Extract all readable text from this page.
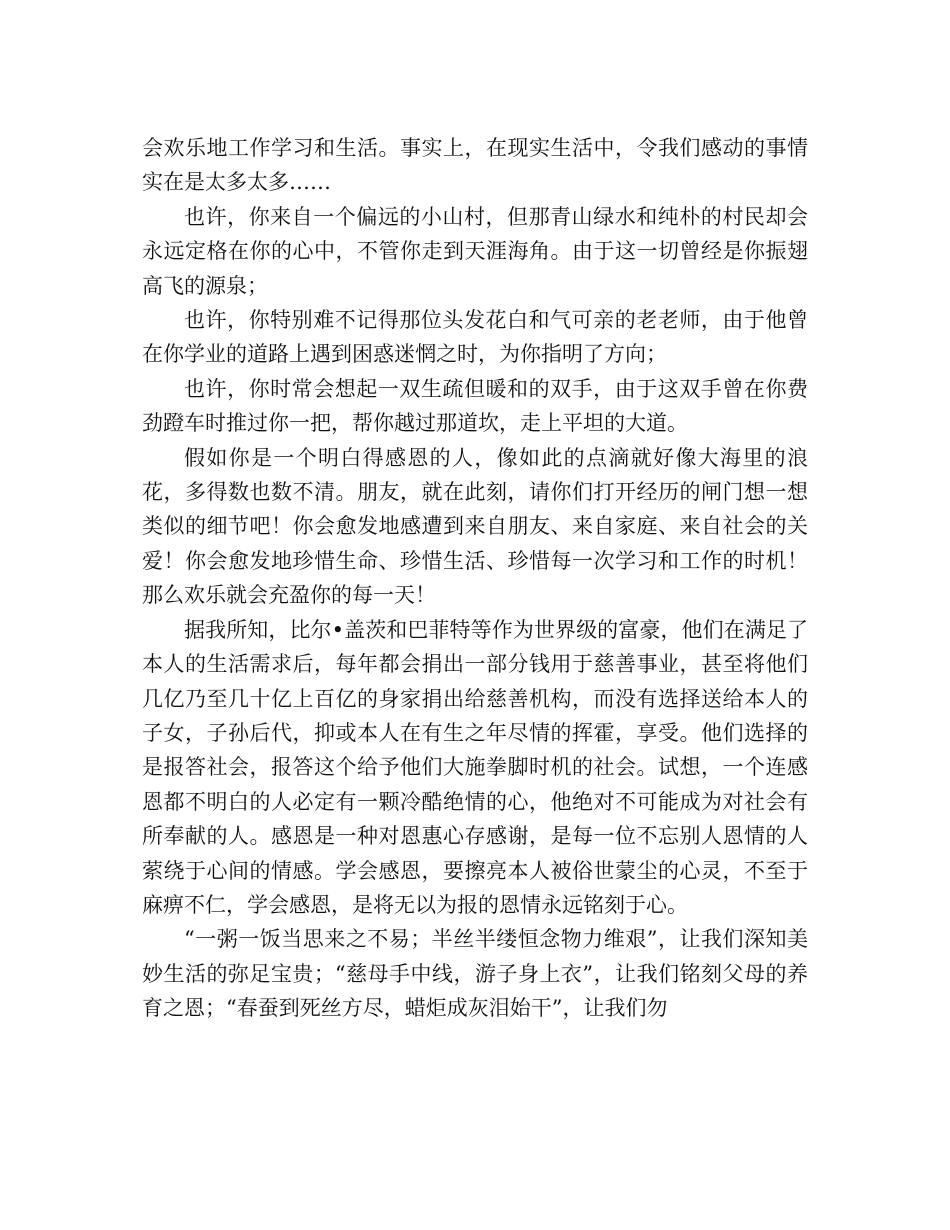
会欢乐地工作学习和生活。事实上，在现实生活中，令我们感动的事情实在是太多太多……

也许，你来自一个偏远的小山村，但那青山绿水和纯朴的村民却会永远定格在你的心中，不管你走到天涯海角。由于这一切曾经是你振翅高飞的源泉；

也许，你特别难不记得那位头发花白和气可亲的老老师，由于他曾在你学业的道路上遇到困惑迷惘之时，为你指明了方向；

也许，你时常会想起一双生疏但暖和的双手，由于这双手曾在你费劲蹬车时推过你一把，帮你越过那道坎，走上平坦的大道。

假如你是一个明白得感恩的人，像如此的点滴就好像大海里的浪花，多得数也数不清。朋友，就在此刻，请你们打开经历的闸门想一想类似的细节吧！你会愈发地感遭到来自朋友、来自家庭、来自社会的关爱！你会愈发地珍惜生命、珍惜生活、珍惜每一次学习和工作的时机！那么欢乐就会充盈你的每一天！

据我所知，比尔•盖茨和巴菲特等作为世界级的富豪，他们在满足了本人的生活需求后，每年都会捐出一部分钱用于慈善事业，甚至将他们几亿乃至几十亿上百亿的身家捐出给慈善机构，而没有选择送给本人的子女，子孙后代，抑或本人在有生之年尽情的挥霍，享受。他们选择的是报答社会，报答这个给予他们大施拳脚时机的社会。试想，一个连感恩都不明白的人必定有一颗冷酷绝情的心，他绝对不可能成为对社会有所奉献的人。感恩是一种对恩惠心存感谢，是每一位不忘别人恩情的人萦绕于心间的情感。学会感恩，要擦亮本人被俗世蒙尘的心灵，不至于麻痹不仁，学会感恩，是将无以为报的恩情永远铭刻于心。

“一粥一饭当思来之不易；半丝半缕恒念物力维艰”，让我们深知美妙生活的弥足宝贵；“慈母手中线，游子身上衣”，让我们铭刻父母的养育之恩；“春蚕到死丝方尽，蜡炬成灰泪始干”，让我们勿
